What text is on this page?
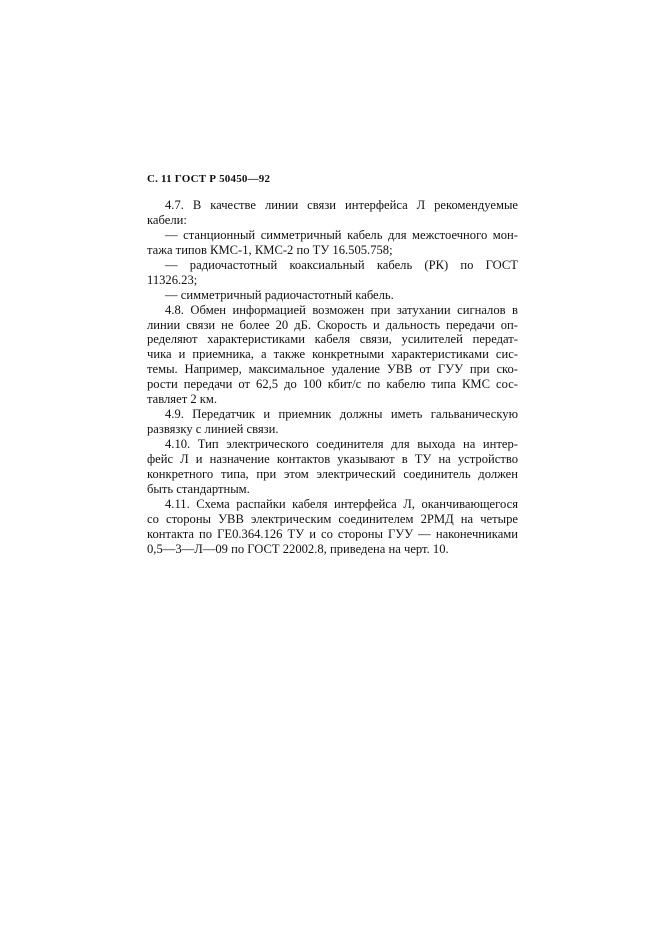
С. 11 ГОСТ Р 50450—92
4.7. В качестве линии связи интерфейса Л рекомендуемые
кабели:
— станционный симметричный кабель для межстоечного мон-
тажа типов КМС-1, КМС-2 по ТУ 16.505.758;
— радиочастотный коаксиальный кабель (РК) по ГОСТ
11326.23;
— симметричный радиочастотный кабель.
4.8. Обмен информацией возможен при затухании сигналов в
линии связи не более 20 дБ. Скорость и дальность передачи оп-
ределяют характеристиками кабеля связи, усилителей передат-
чика и приемника, а также конкретными характеристиками сис-
темы. Например, максимальное удаление УВВ от ГУУ при ско-
рости передачи от 62,5 до 100 кбит/с по кабелю типа КМС сос-
тавляет 2 км.
4.9. Передатчик и приемник должны иметь гальваническую
развязку с линией связи.
4.10. Тип электрического соединителя для выхода на интер-
фейс Л и назначение контактов указывают в ТУ на устройство
конкретного типа, при этом электрический соединитель должен
быть стандартным.
4.11. Схема распайки кабеля интерфейса Л, оканчивающегося
со стороны УВВ электрическим соединителем 2РМД на четыре
контакта по ГЕ0.364.126 ТУ и со стороны ГУУ — наконечниками
0,5—3—Л—09 по ГОСТ 22002.8, приведена на черт. 10.
